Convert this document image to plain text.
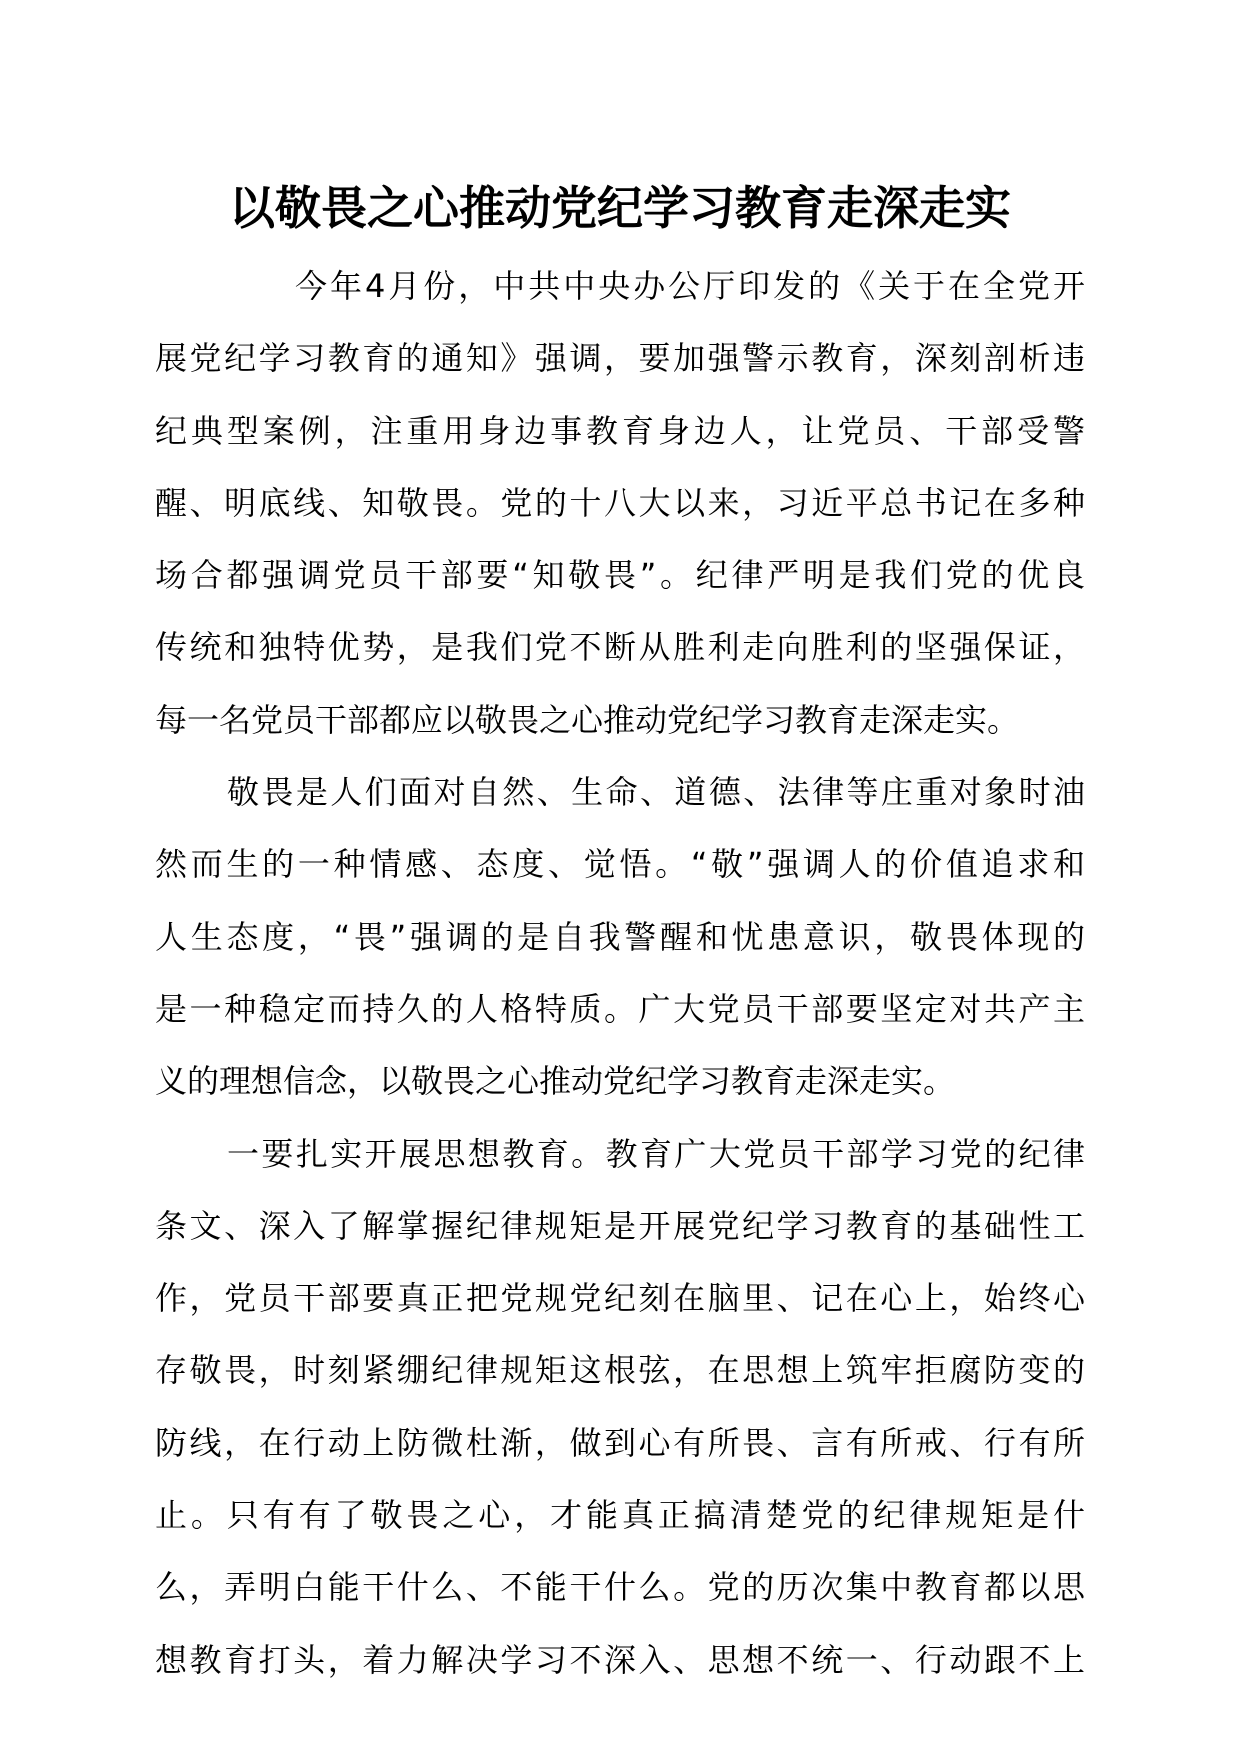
以敬畏之心推动党纪学习教育走深走实
今年4月份，中共中央办公厅印发的《关于在全党开
展党纪学习教育的通知》强调，要加强警示教育，深刻剖析违
纪典型案例，注重用身边事教育身边人，让党员、干部受警
醒、明底线、知敬畏。党的十八大以来，习近平总书记在多种
场合都强调党员干部要“知敬畏”。纪律严明是我们党的优良
传统和独特优势，是我们党不断从胜利走向胜利的坚强保证，
每一名党员干部都应以敬畏之心推动党纪学习教育走深走实。
敬畏是人们面对自然、生命、道德、法律等庄重对象时油
然而生的一种情感、态度、觉悟。“敬”强调人的价值追求和
人生态度，“畏”强调的是自我警醒和忧患意识，敬畏体现的
是一种稳定而持久的人格特质。广大党员干部要坚定对共产主
义的理想信念，以敬畏之心推动党纪学习教育走深走实。
一要扎实开展思想教育。教育广大党员干部学习党的纪律
条文、深入了解掌握纪律规矩是开展党纪学习教育的基础性工
作，党员干部要真正把党规党纪刻在脑里、记在心上，始终心
存敬畏，时刻紧绷纪律规矩这根弦，在思想上筑牢拒腐防变的
防线，在行动上防微杜渐，做到心有所畏、言有所戒、行有所
止。只有有了敬畏之心，才能真正搞清楚党的纪律规矩是什
么，弄明白能干什么、不能干什么。党的历次集中教育都以思
想教育打头，着力解决学习不深入、思想不统一、行动跟不上
